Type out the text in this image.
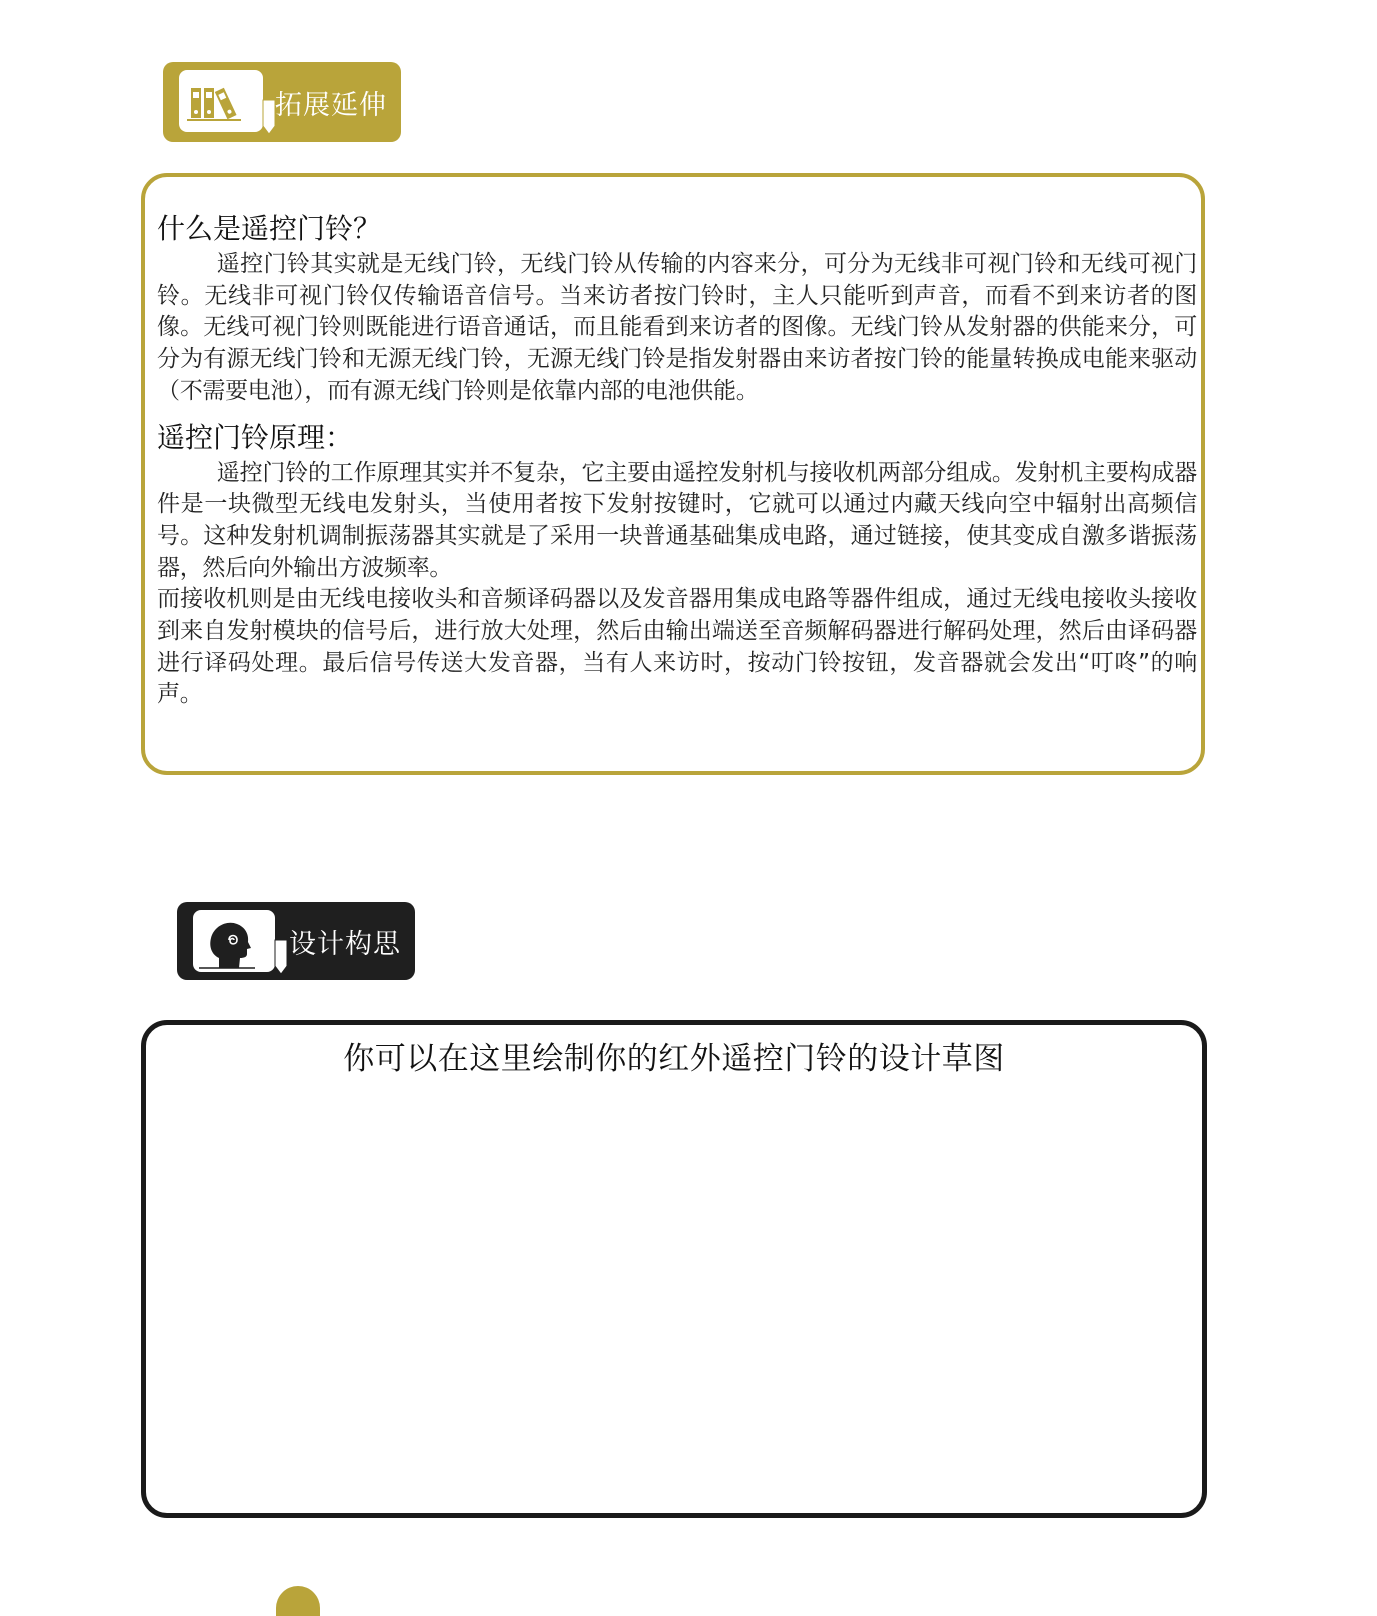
拓展延伸
什么是遥控门铃？

遥控门铃其实就是无线门铃，无线门铃从传输的内容来分，可分为无线非可视门铃和无线可视门铃。无线非可视门铃仅传输语音信号。当来访者按门铃时，主人只能听到声音，而看不到来访者的图像。无线可视门铃则既能进行语音通话，而且能看到来访者的图像。无线门铃从发射器的供能来分，可分为有源无线门铃和无源无线门铃，无源无线门铃是指发射器由来访者按门铃的能量转换成电能来驱动（不需要电池），而有源无线门铃则是依靠内部的电池供能。

遥控门铃原理：

遥控门铃的工作原理其实并不复杂，它主要由遥控发射机与接收机两部分组成。发射机主要构成器件是一块微型无线电发射头，当使用者按下发射按键时，它就可以通过内藏天线向空中辐射出高频信号。这种发射机调制振荡器其实就是了采用一块普通基础集成电路，通过链接，使其变成自激多谐振荡器，然后向外输出方波频率。

而接收机则是由无线电接收头和音频译码器以及发音器用集成电路等器件组成，通过无线电接收头接收到来自发射模块的信号后，进行放大处理，然后由输出端送至音频解码器进行解码处理，然后由译码器进行译码处理。最后信号传送大发音器，当有人来访时，按动门铃按钮，发音器就会发出“叮咚”的响声。

设计构思
你可以在这里绘制你的红外遥控门铃的设计草图
